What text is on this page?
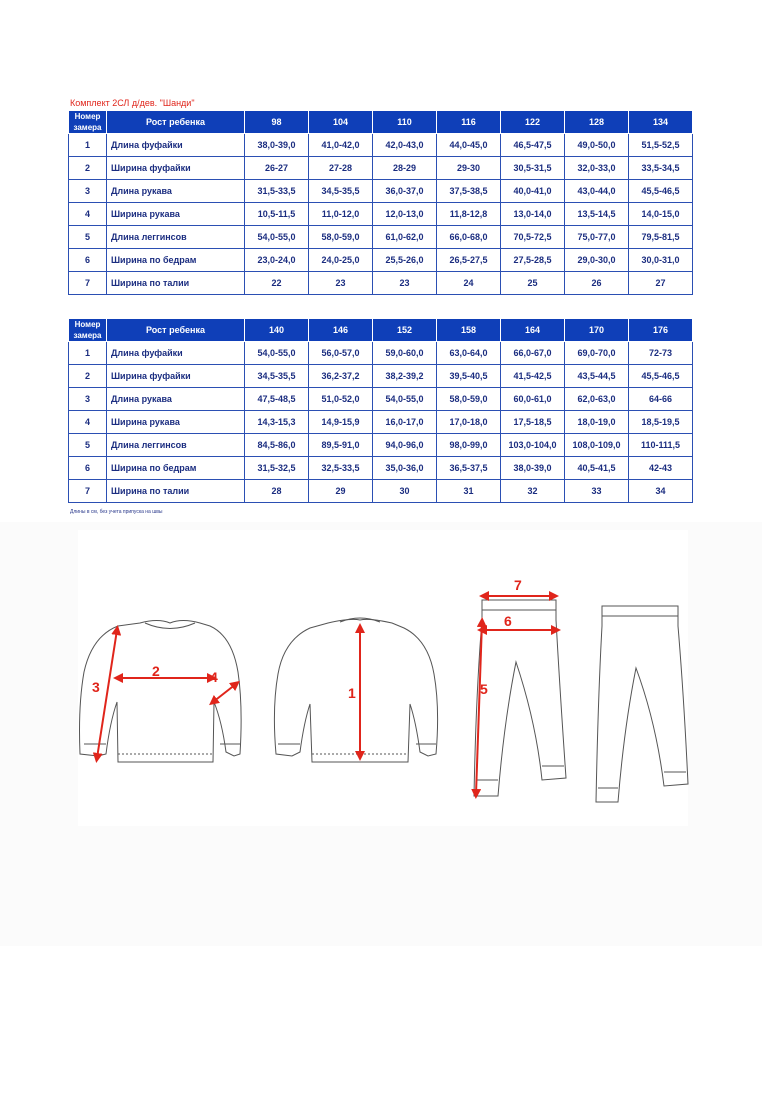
Комплект 2СЛ д/дев. "Шанди"
Номер замера	Рост ребенка	98	104	110	116	122	128	134
1	Длина фуфайки	38,0-39,0	41,0-42,0	42,0-43,0	44,0-45,0	46,5-47,5	49,0-50,0	51,5-52,5
2	Ширина фуфайки	26-27	27-28	28-29	29-30	30,5-31,5	32,0-33,0	33,5-34,5
3	Длина рукава	31,5-33,5	34,5-35,5	36,0-37,0	37,5-38,5	40,0-41,0	43,0-44,0	45,5-46,5
4	Ширина рукава	10,5-11,5	11,0-12,0	12,0-13,0	11,8-12,8	13,0-14,0	13,5-14,5	14,0-15,0
5	Длина леггинсов	54,0-55,0	58,0-59,0	61,0-62,0	66,0-68,0	70,5-72,5	75,0-77,0	79,5-81,5
6	Ширина по бедрам	23,0-24,0	24,0-25,0	25,5-26,0	26,5-27,5	27,5-28,5	29,0-30,0	30,0-31,0
7	Ширина по талии	22	23	23	24	25	26	27
Номер замера	Рост ребенка	140	146	152	158	164	170	176
1	Длина фуфайки	54,0-55,0	56,0-57,0	59,0-60,0	63,0-64,0	66,0-67,0	69,0-70,0	72-73
2	Ширина фуфайки	34,5-35,5	36,2-37,2	38,2-39,2	39,5-40,5	41,5-42,5	43,5-44,5	45,5-46,5
3	Длина рукава	47,5-48,5	51,0-52,0	54,0-55,0	58,0-59,0	60,0-61,0	62,0-63,0	64-66
4	Ширина рукава	14,3-15,3	14,9-15,9	16,0-17,0	17,0-18,0	17,5-18,5	18,0-19,0	18,5-19,5
5	Длина леггинсов	84,5-86,0	89,5-91,0	94,0-96,0	98,0-99,0	103,0-104,0	108,0-109,0	110-111,5
6	Ширина по бедрам	31,5-32,5	32,5-33,5	35,0-36,0	36,5-37,5	38,0-39,0	40,5-41,5	42-43
7	Ширина по талии	28	29	30	31	32	33	34
Длины в см, без учета припуска на швы
1
2
3
4
5
6
7
